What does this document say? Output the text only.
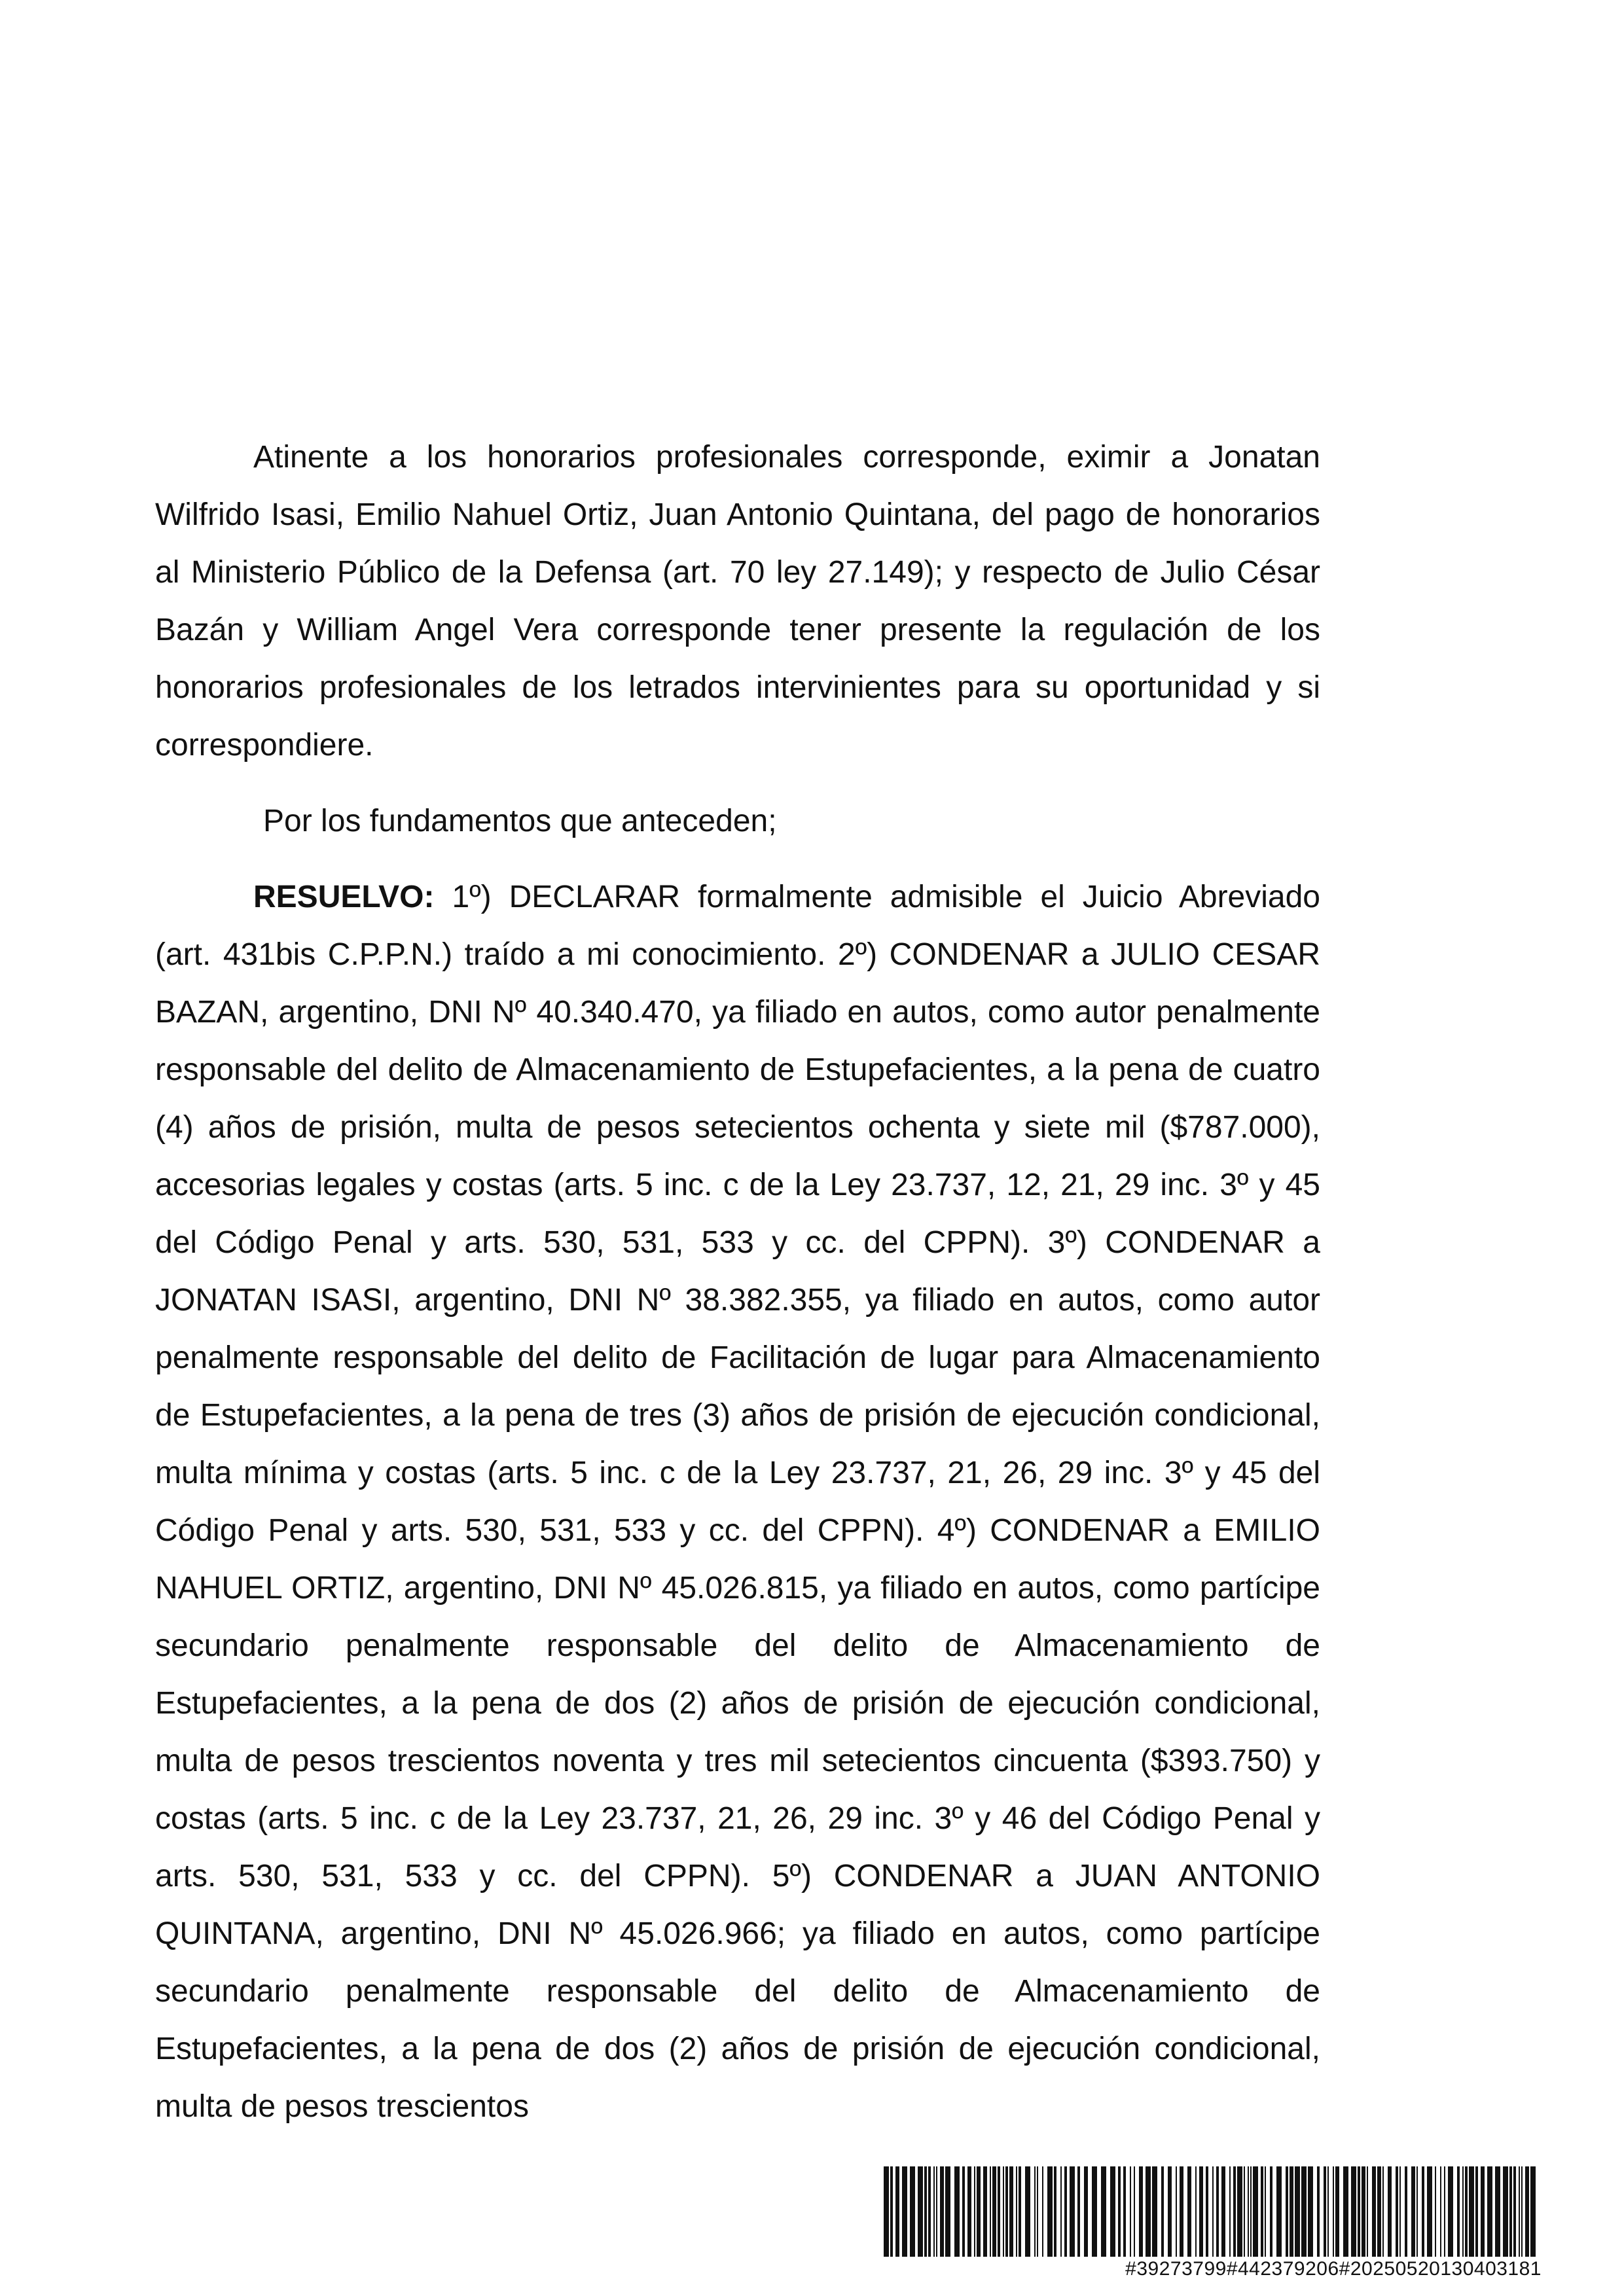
Atinente a los honorarios profesionales corresponde, eximir a Jonatan Wilfrido Isasi, Emilio Nahuel Ortiz, Juan Antonio Quintana, del pago de honorarios al Ministerio Público de la Defensa (art. 70 ley 27.149); y respecto de Julio César Bazán y William Angel Vera corresponde tener presente la regulación de los honorarios profesionales de los letrados intervinientes para su oportunidad y si correspondiere.

Por los fundamentos que anteceden;

RESUELVO: 1º) DECLARAR formalmente admisible el Juicio Abreviado (art. 431bis C.P.P.N.) traído a mi conocimiento. 2º) CONDENAR a JULIO CESAR BAZAN, argentino, DNI Nº 40.340.470, ya filiado en autos, como autor penalmente responsable del delito de Almacenamiento de Estupefacientes, a la pena de cuatro (4) años de prisión, multa de pesos setecientos ochenta y siete mil ($787.000), accesorias legales y costas (arts. 5 inc. c de la Ley 23.737, 12, 21, 29 inc. 3º y 45 del Código Penal y arts. 530, 531, 533 y cc. del CPPN). 3º) CONDENAR a JONATAN ISASI, argentino, DNI Nº 38.382.355, ya filiado en autos, como autor penalmente responsable del delito de Facilitación de lugar para Almacenamiento de Estupefacientes, a la pena de tres (3) años de prisión de ejecución condicional, multa mínima y costas (arts. 5 inc. c de la Ley 23.737, 21, 26, 29 inc. 3º y 45 del Código Penal y arts. 530, 531, 533 y cc. del CPPN). 4º) CONDENAR a EMILIO NAHUEL ORTIZ, argentino, DNI Nº 45.026.815, ya filiado en autos, como partícipe secundario penalmente responsable del delito de Almacenamiento de Estupefacientes, a la pena de dos (2) años de prisión de ejecución condicional, multa de pesos trescientos noventa y tres mil setecientos cincuenta ($393.750) y costas (arts. 5 inc. c de la Ley 23.737, 21, 26, 29 inc. 3º y 46 del Código Penal y arts. 530, 531, 533 y cc. del CPPN). 5º) CONDENAR a JUAN ANTONIO QUINTANA, argentino, DNI Nº 45.026.966; ya filiado en autos, como partícipe secundario penalmente responsable del delito de Almacenamiento de Estupefacientes, a la pena de dos (2) años de prisión de ejecución condicional, multa de pesos trescientos

#39273799#442379206#20250520130403181
